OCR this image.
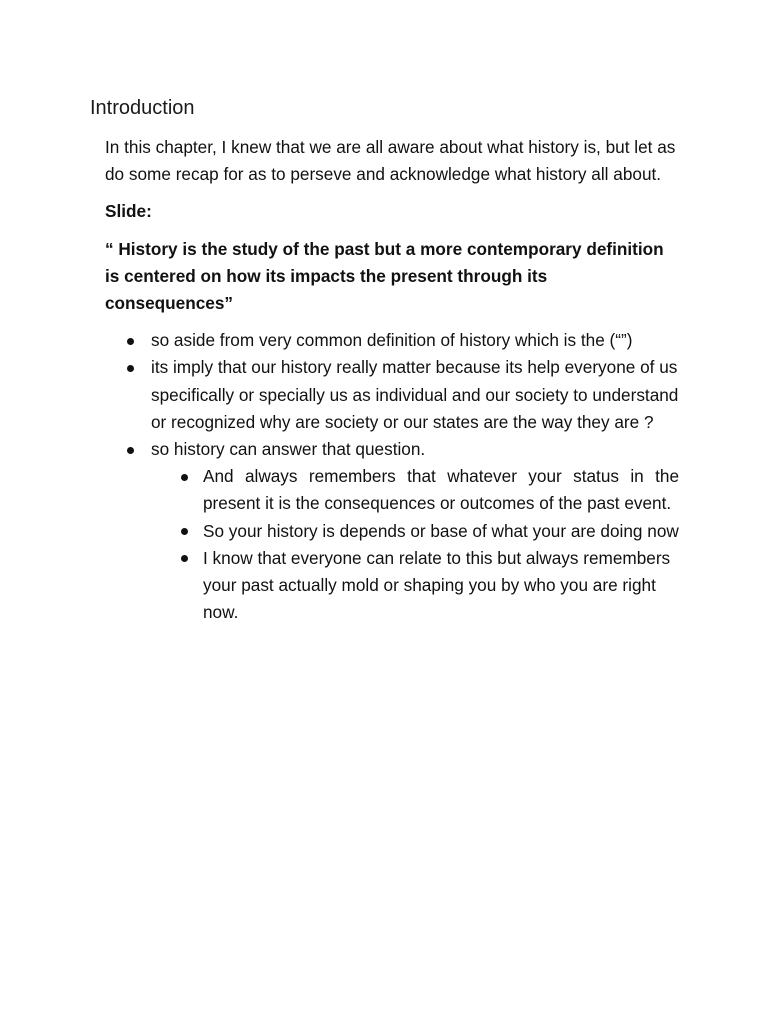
Introduction

In this chapter, I knew that we are all aware about what history is, but let as do some recap for as to perseve and acknowledge what history all about.

Slide:

“ History is the study of the past but a more contemporary definition is centered on how its impacts the present through its consequences”

so aside from very common definition of history which is the (“”)
its imply that our history really matter because its help everyone of us specifically or specially us as individual and our society to understand or recognized why are society or our states are the way they are ?
so history can answer that question.
And always remembers that whatever your status in the present it is the consequences or outcomes of the past event.
So your history is depends or base of what your are doing now
I know that everyone can relate to this but always remembers your past actually mold or shaping you by who you are right now.
